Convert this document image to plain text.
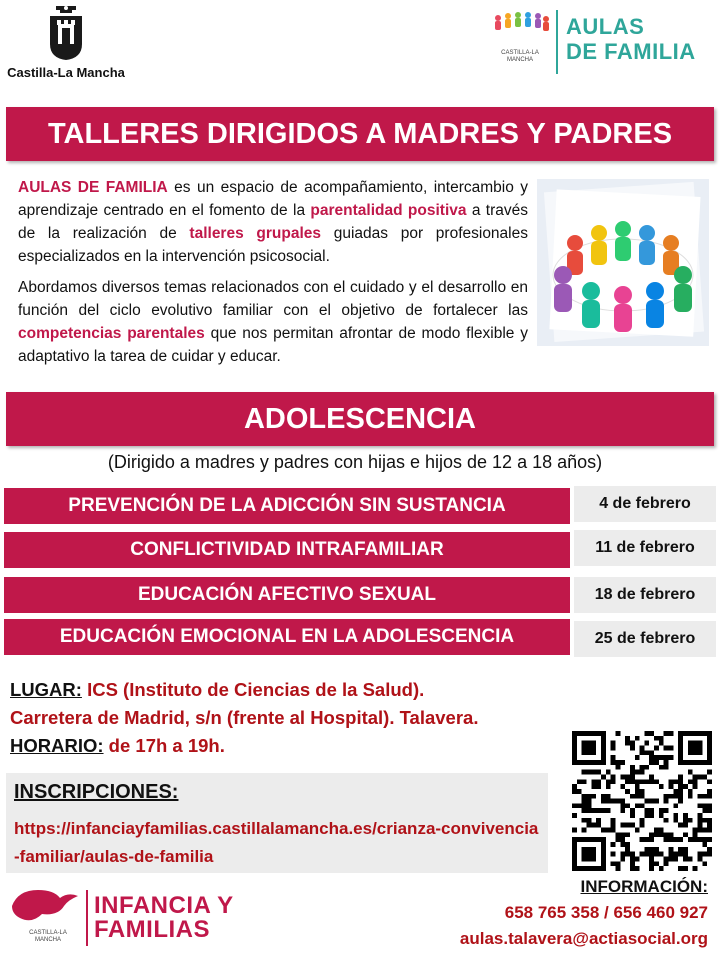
Castilla-La Mancha
CASTILLA-LA MANCHA
AULAS
DE FAMILIA
TALLERES DIRIGIDOS A MADRES Y PADRES

AULAS DE FAMILIA es un espacio de acompañamiento, intercambio y aprendizaje centrado en el fomento de la parentalidad positiva a través de la realización de talleres grupales guiadas por profesionales especializados en la intervención psicosocial.

Abordamos diversos temas relacionados con el cuidado y el desarrollo en función del ciclo evolutivo familiar con el objetivo de fortalecer las competencias parentales que nos permitan afrontar de modo flexible y adaptativo la tarea de cuidar y educar.

ADOLESCENCIA
(Dirigido a madres y padres con hijas e hijos de 12 a 18 años)
PREVENCIÓN DE LA ADICCIÓN SIN SUSTANCIA	4 de febrero
CONFLICTIVIDAD INTRAFAMILIAR	11 de febrero
EDUCACIÓN AFECTIVO SEXUAL	18 de febrero
EDUCACIÓN EMOCIONAL EN LA ADOLESCENCIA	25 de febrero
LUGAR: ICS (Instituto de Ciencias de la Salud).
Carretera de Madrid, s/n (frente al Hospital). Talavera.
HORARIO: de 17h a 19h.
INSCRIPCIONES:
https://infanciayfamilias.castillalamancha.es/crianza-convivencia-familiar/aulas-de-familia
CASTILLA-LA MANCHA
INFANCIA Y
FAMILIAS
INFORMACIÓN:
658 765 358 / 656 460 927
aulas.talavera@actiasocial.org
